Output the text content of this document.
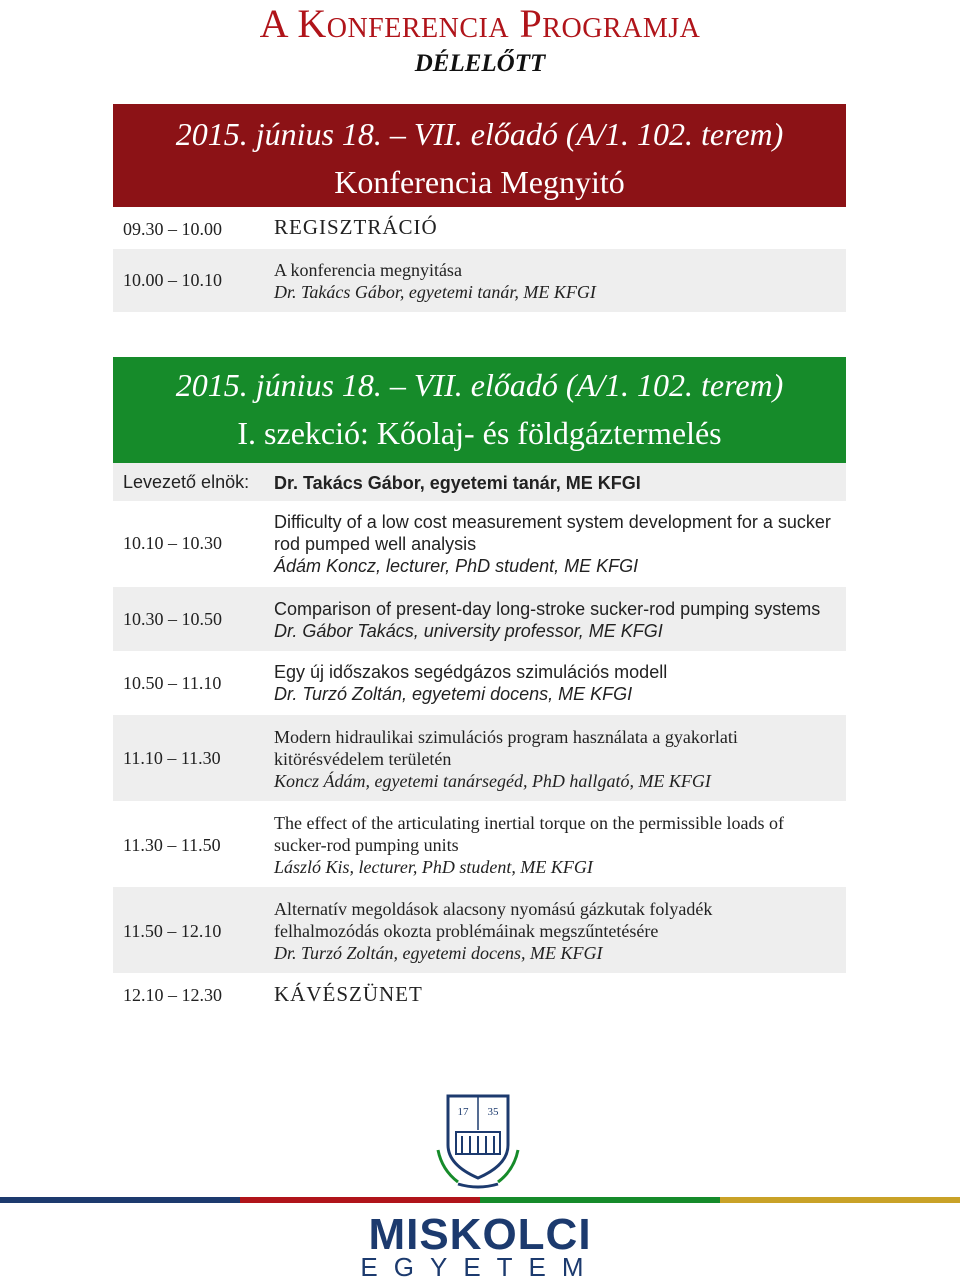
A Konferencia Programja
DÉLELŐTT
2015. június 18. – VII. előadó (A/1. 102. terem)
Konferencia Megnyitó
09.30 – 10.00 REGISZTRÁCIÓ
10.00 – 10.10	A konferencia megnyitása
Dr. Takács Gábor, egyetemi tanár, ME KFGI
2015. június 18. – VII. előadó (A/1. 102. terem)
I. szekció: Kőolaj- és földgáztermelés
Levezető elnök: Dr. Takács Gábor, egyetemi tanár, ME KFGI
10.10 – 10.30
Difficulty of a low cost measurement system development for a sucker
rod pumped well analysis
Ádám Koncz, lecturer, PhD student, ME KFGI
10.30 – 10.50	Comparison of present-day long-stroke sucker-rod pumping systems
Dr. Gábor Takács, university professor, ME KFGI
10.50 – 11.10
Egy új időszakos segédgázos szimulációs modell
Dr. Turzó Zoltán, egyetemi docens, ME KFGI
11.10 – 11.30
Modern hidraulikai szimulációs program használata a gyakorlati
kitörésvédelem területén
Koncz Ádám, egyetemi tanársegéd, PhD hallgató, ME KFGI
11.30 – 11.50
The effect of the articulating inertial torque on the permissible loads of
sucker-rod pumping units
László Kis, lecturer, PhD student, ME KFGI
11.50 – 12.10
Alternatív megoldások alacsony nyomású gázkutak folyadék
felhalmozódás okozta problémáinak megszűntetésére
Dr. Turzó Zoltán, egyetemi docens, ME KFGI
12.10 – 12.30 KÁVÉSZÜNET
17 35
MISKOLCI
EGYETEM
